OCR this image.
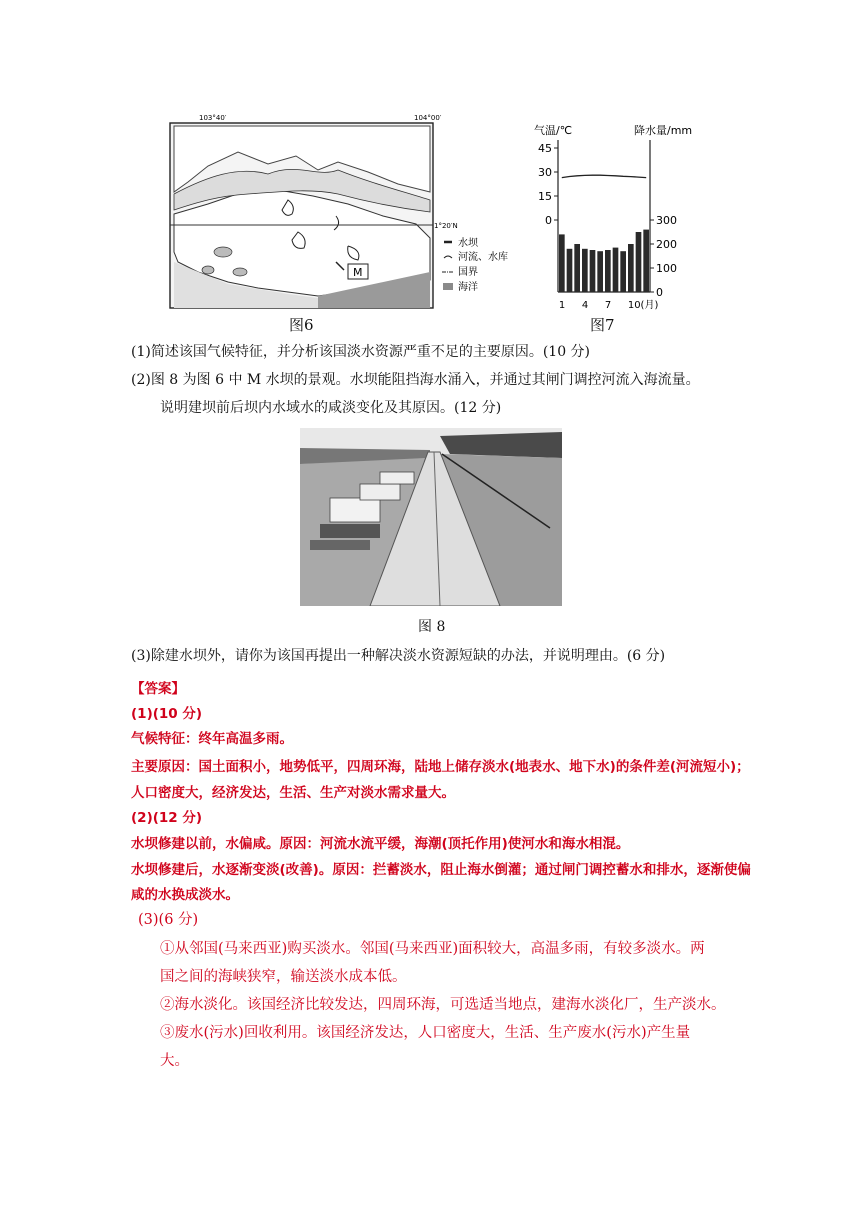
M
103°40′	104°00′
1°20′N
水坝
河流、水库
国界
海洋
图6
气温/℃	降水量/mm
45
30
15
0	300
200
100
0
1 4 7 10(月)
图7
(1)简述该国气候特征，并分析该国淡水资源严重不足的主要原因。(10 分)
(2)图 8 为图 6 中 M 水坝的景观。水坝能阻挡海水涌入，并通过其闸门调控河流入海流量。
说明建坝前后坝内水域水的咸淡变化及其原因。(12 分)
图 8
(3)除建水坝外，请你为该国再提出一种解决淡水资源短缺的办法，并说明理由。(6 分)
【答案】
(1)(10 分)
气候特征：终年高温多雨。
主要原因：国土面积小，地势低平，四周环海，陆地上储存淡水(地表水、地下水)的条件差(河流短小)；
人口密度大，经济发达，生活、生产对淡水需求量大。
(2)(12 分)
水坝修建以前，水偏咸。原因：河流水流平缓，海潮(顶托作用)使河水和海水相混。
水坝修建后，水逐渐变淡(改善)。原因：拦蓄淡水，阻止海水倒灌；通过闸门调控蓄水和排水，逐渐使偏
咸的水换成淡水。
(3)(6 分)
①从邻国(马来西亚)购买淡水。邻国(马来西亚)面积较大，高温多雨，有较多淡水。两
国之间的海峡狭窄，输送淡水成本低。
②海水淡化。该国经济比较发达，四周环海，可选适当地点，建海水淡化厂，生产淡水。
③废水(污水)回收利用。该国经济发达，人口密度大，生活、生产废水(污水)产生量
大。
